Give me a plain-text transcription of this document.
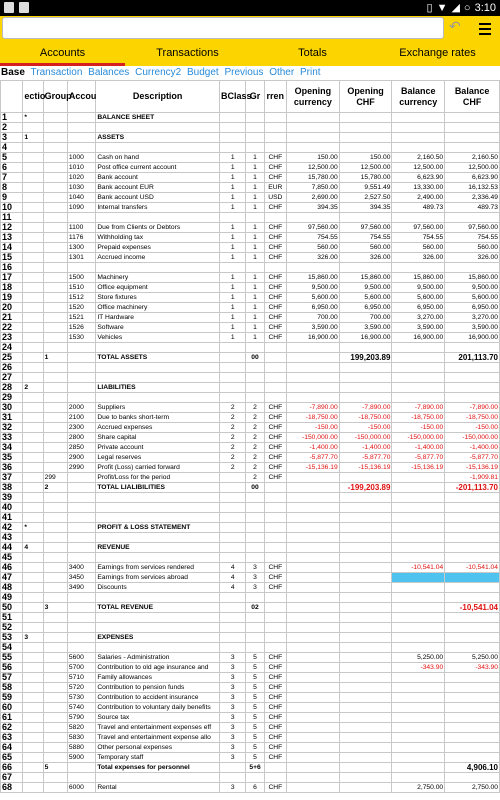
▯ ▼ ◢ ○ 3:10
↶
Accounts	Transactions	Totals	Exchange rates
Base Transaction Balances Currency2 Budget Previous Other Print
	ectio	Group	Accou	Description	BClass	Gr	rren	Opening currency	Opening CHF	Balance currency	Balance CHF
1	*			BALANCE SHEET							
2											
3	1			ASSETS							
4											
5			1000	Cash on hand	1	1	CHF	150.00	150.00	2,160.50	2,160.50
6			1010	Post office current account	1	1	CHF	12,500.00	12,500.00	12,500.00	12,500.00
7			1020	Bank account	1	1	CHF	15,780.00	15,780.00	6,623.90	6,623.90
8			1030	Bank account EUR	1	1	EUR	7,850.00	9,551.49	13,330.00	16,132.53
9			1040	Bank account USD	1	1	USD	2,690.00	2,527.50	2,490.00	2,336.49
10			1090	Internal transfers	1	1	CHF	394.35	394.35	489.73	489.73
11											
12			1100	Due from Clients or Debtors	1	1	CHF	97,560.00	97,560.00	97,560.00	97,560.00
13			1176	Withholding tax	1	1	CHF	754.55	754.55	754.55	754.55
14			1300	Prepaid expenses	1	1	CHF	560.00	560.00	560.00	560.00
15			1301	Accrued income	1	1	CHF	326.00	326.00	326.00	326.00
16											
17			1500	Machinery	1	1	CHF	15,860.00	15,860.00	15,860.00	15,860.00
18			1510	Office equipment	1	1	CHF	9,500.00	9,500.00	9,500.00	9,500.00
19			1512	Store fixtures	1	1	CHF	5,600.00	5,600.00	5,600.00	5,600.00
20			1520	Office machinery	1	1	CHF	6,950.00	6,950.00	6,950.00	6,950.00
21			1521	IT Hardware	1	1	CHF	700.00	700.00	3,270.00	3,270.00
22			1526	Software	1	1	CHF	3,590.00	3,590.00	3,590.00	3,590.00
23			1530	Vehicles	1	1	CHF	16,900.00	16,900.00	16,900.00	16,900.00
24											
25		1		TOTAL ASSETS		00			199,203.89		201,113.70
26											
27											
28	2			LIABILITIES							
29											
30			2000	Suppliers	2	2	CHF	-7,890.00	-7,890.00	-7,890.00	-7,890.00
31			2100	Due to banks short-term	2	2	CHF	-18,750.00	-18,750.00	-18,750.00	-18,750.00
32			2300	Accrued expenses	2	2	CHF	-150.00	-150.00	-150.00	-150.00
33			2800	Share capital	2	2	CHF	-150,000.00	-150,000.00	-150,000.00	-150,000.00
34			2850	Private account	2	2	CHF	-1,400.00	-1,400.00	-1,400.00	-1,400.00
35			2900	Legal reserves	2	2	CHF	-5,877.70	-5,877.70	-5,877.70	-5,877.70
36			2990	Profit (Loss) carried forward	2	2	CHF	-15,136.19	-15,136.19	-15,136.19	-15,136.19
37		299		Profit/Loss for the period		2	CHF				-1,909.81
38		2		TOTAL LIALIBILITIES		00			-199,203.89		-201,113.70
39											
40											
41											
42	*			PROFIT & LOSS STATEMENT							
43											
44	4			REVENUE							
45											
46			3400	Earnings from services rendered	4	3	CHF			-10,541.04	-10,541.04
47			3450	Earnings from services abroad	4	3	CHF				
48			3490	Discounts	4	3	CHF				
49											
50		3		TOTAL REVENUE		02					-10,541.04
51											
52											
53	3			EXPENSES							
54											
55			5600	Salaries - Administration	3	5	CHF			5,250.00	5,250.00
56			5700	Contribution to old age insurance and	3	5	CHF			-343.90	-343.90
57			5710	Family allowances	3	5	CHF				
58			5720	Contribution to pension funds	3	5	CHF				
59			5730	Contribution to accident insurance	3	5	CHF				
60			5740	Contribution to voluntary daily benefits	3	5	CHF				
61			5790	Source tax	3	5	CHF				
62			5820	Travel and entertainment expenses eff	3	5	CHF				
63			5830	Travel and entertainment expense allo	3	5	CHF				
64			5880	Other personal expenses	3	5	CHF				
65			5900	Temporary staff	3	5	CHF				
66		5		Total expenses for personnel		5+6					4,906.10
67											
68			6000	Rental	3	6	CHF			2,750.00	2,750.00
